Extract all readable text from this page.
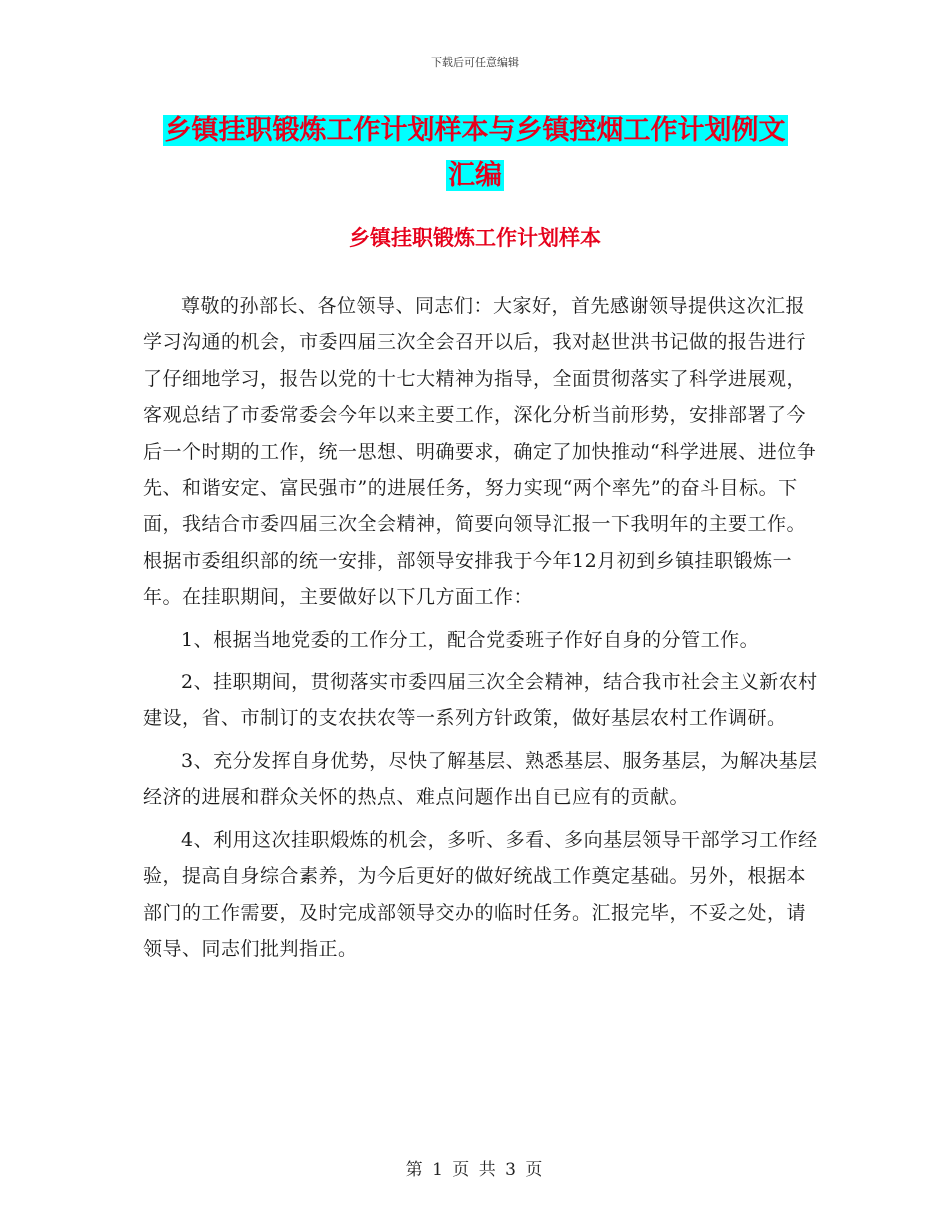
下载后可任意编辑
乡镇挂职锻炼工作计划样本与乡镇控烟工作计划例文
汇编
乡镇挂职锻炼工作计划样本

尊敬的孙部长、各位领导、同志们：大家好，首先感谢领导提供这次汇报学习沟通的机会，市委四届三次全会召开以后，我对赵世洪书记做的报告进行了仔细地学习，报告以党的十七大精神为指导，全面贯彻落实了科学进展观，客观总结了市委常委会今年以来主要工作，深化分析当前形势，安排部署了今后一个时期的工作，统一思想、明确要求，确定了加快推动“科学进展、进位争先、和谐安定、富民强市”的进展任务，努力实现“两个率先”的奋斗目标。下面，我结合市委四届三次全会精神，简要向领导汇报一下我明年的主要工作。根据市委组织部的统一安排，部领导安排我于今年12月初到乡镇挂职锻炼一年。在挂职期间，主要做好以下几方面工作：

1、根据当地党委的工作分工，配合党委班子作好自身的分管工作。

2、挂职期间，贯彻落实市委四届三次全会精神，结合我市社会主义新农村建设，省、市制订的支农扶农等一系列方针政策，做好基层农村工作调研。

3、充分发挥自身优势，尽快了解基层、熟悉基层、服务基层，为解决基层经济的进展和群众关怀的热点、难点问题作出自已应有的贡献。

4、利用这次挂职煅炼的机会，多听、多看、多向基层领导干部学习工作经验，提高自身综合素养，为今后更好的做好统战工作奠定基础。另外，根据本部门的工作需要，及时完成部领导交办的临时任务。汇报完毕，不妥之处，请领导、同志们批判指正。

第 1 页 共 3 页
